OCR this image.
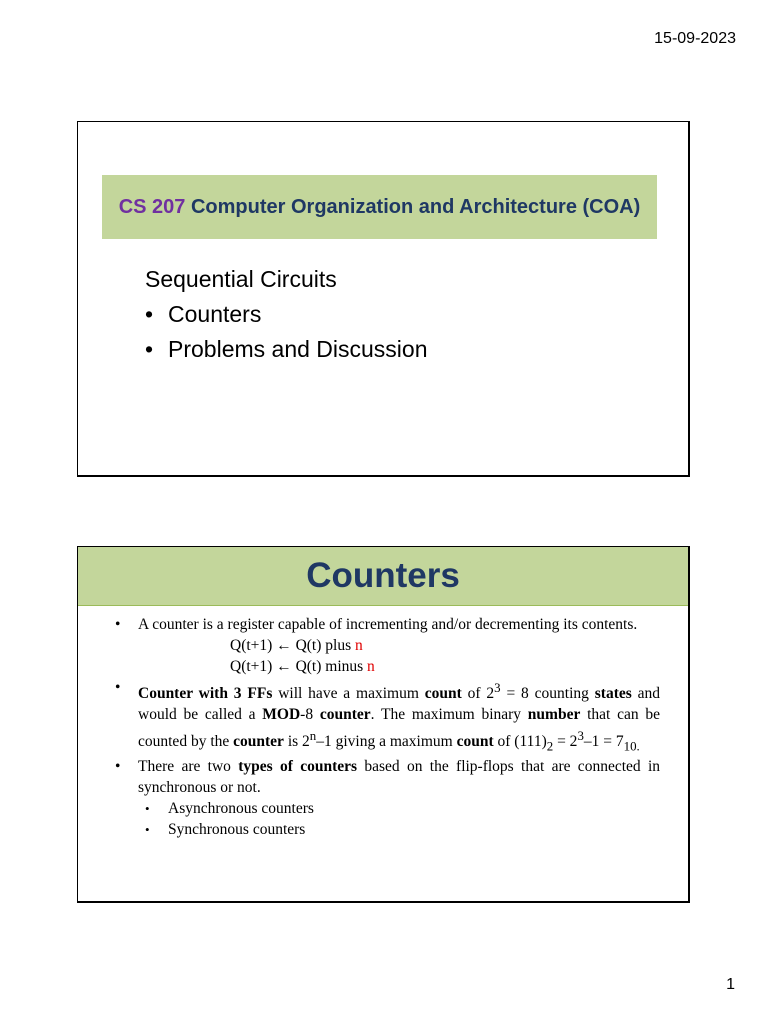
15-09-2023
CS 207
Computer Organization and Architecture (COA)
Sequential Circuits
• Counters
• Problems and Discussion
Counters

• A counter is a register capable of incrementing and/or decrementing its contents.

Q(t+1) ← Q(t) plus n

Q(t+1) ← Q(t) minus n

• Counter with 3 FFs will have a maximum count of $2^3 = 8$ counting states and would be called a MOD-8 counter. The maximum binary number that can be counted by the counter is 2$^n$–1 giving a maximum count of $(111)_2 = 2^3-1 = 7_{10.}$

• There are two types of counters based on the flip-flops that are connected in synchronous or not.

• Asynchronous counters

• Synchronous counters

1
